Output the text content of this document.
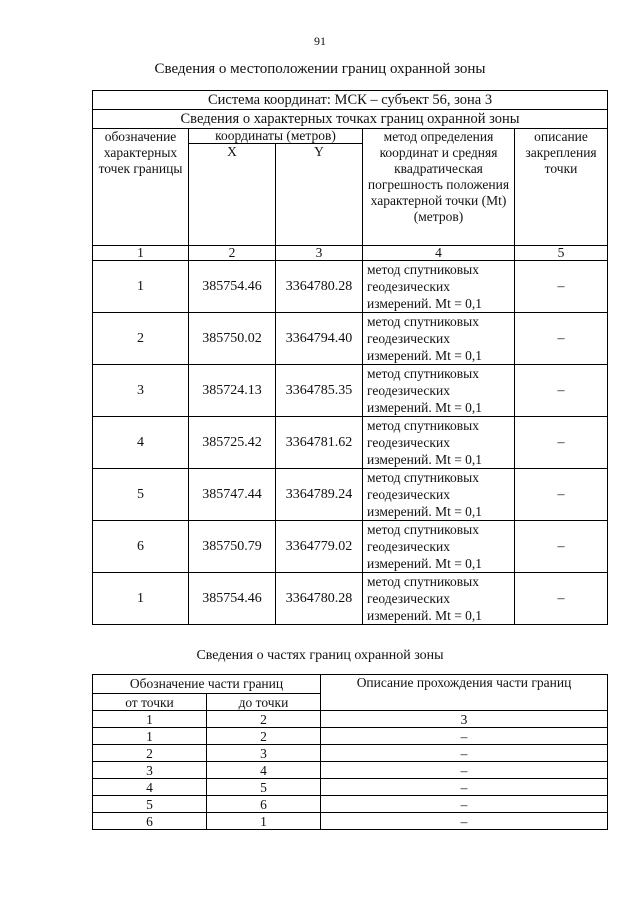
91
Сведения о местоположении границ охранной зоны
Система координат: МСК – субъект 56, зона 3				
Сведения о характерных точках границ охранной зоны				
обозначение характерных точек границы	координаты (метров)		метод определения координат и средняя квадратическая погрешность положения характерной точки (Mt) (метров)	описание закрепления точки
	X	Y		
1	2	3	4	5
1	385754.46	3364780.28	метод спутниковых геодезических измерений. Mt = 0,1	–
2	385750.02	3364794.40	метод спутниковых геодезических измерений. Mt = 0,1	–
3	385724.13	3364785.35	метод спутниковых геодезических измерений. Mt = 0,1	–
4	385725.42	3364781.62	метод спутниковых геодезических измерений. Mt = 0,1	–
5	385747.44	3364789.24	метод спутниковых геодезических измерений. Mt = 0,1	–
6	385750.79	3364779.02	метод спутниковых геодезических измерений. Mt = 0,1	–
1	385754.46	3364780.28	метод спутниковых геодезических измерений. Mt = 0,1	–
Сведения о частях границ охранной зоны
Обозначение части границ		Описание прохождения части границ
от точки	до точки	
1	2	3
1	2	–
2	3	–
3	4	–
4	5	–
5	6	–
6	1	–
